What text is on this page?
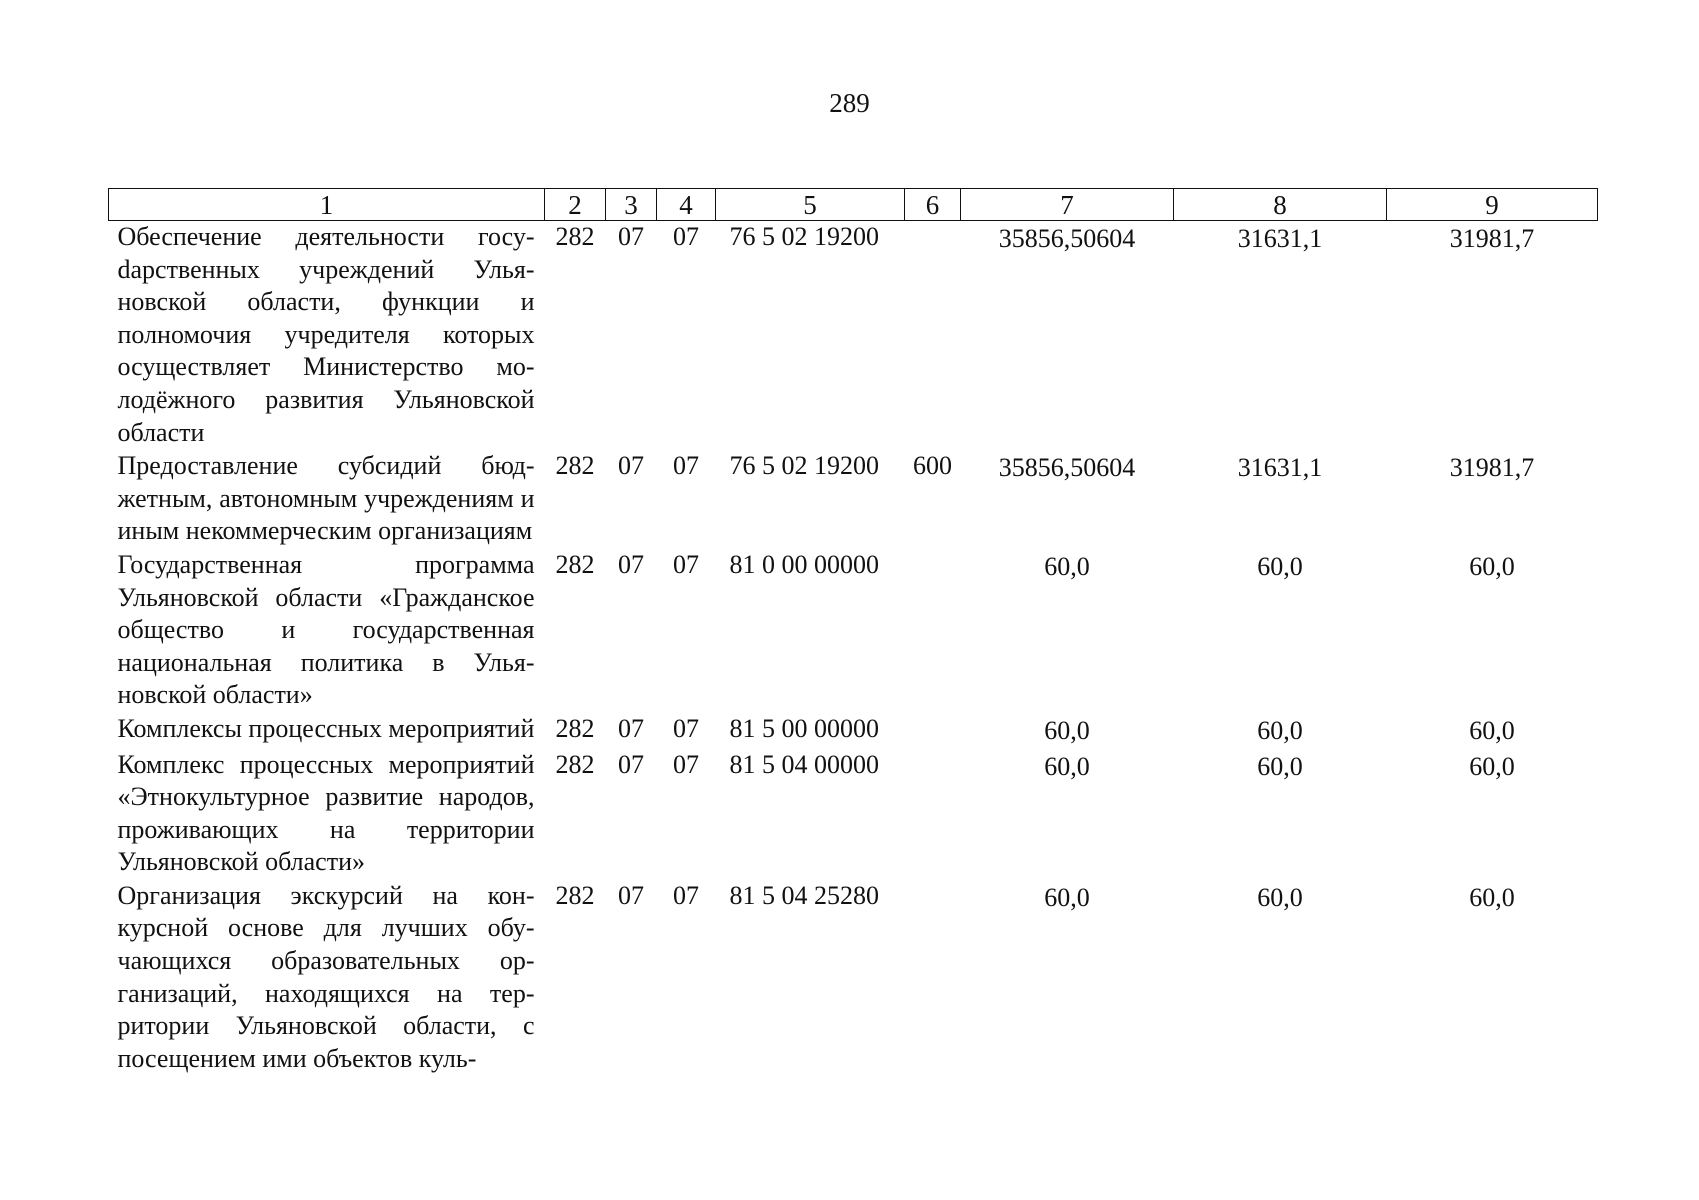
289
1	2	3	4	5	6	7	8	9
Обеспечение деятельности госуdарственных учреждений Ульяновской области, функции и полномочия учредителя которых осуществляет Министерство молодёжного развития Ульяновской области	282	07	07	76 5 02 19200		35856,50604	31631,1	31981,7
Предоставление субсидий бюджетным, автономным учреждениям и иным некоммерческим организациям	282	07	07	76 5 02 19200	600	35856,50604	31631,1	31981,7
Государственная программа Ульяновской области «Гражданское общество и государственная национальная политика в Ульяновской области»	282	07	07	81 0 00 00000		60,0	60,0	60,0
Комплексы процессных мероприятий	282	07	07	81 5 00 00000		60,0	60,0	60,0
Комплекс процессных мероприятий «Этнокультурное развитие народов, проживающих на территории Ульяновской области»	282	07	07	81 5 04 00000		60,0	60,0	60,0
Организация экскурсий на конкурсной основе для лучших обучающихся образовательных организаций, находящихся на территории Ульяновской области, с посещением ими объектов куль-	282	07	07	81 5 04 25280		60,0	60,0	60,0
